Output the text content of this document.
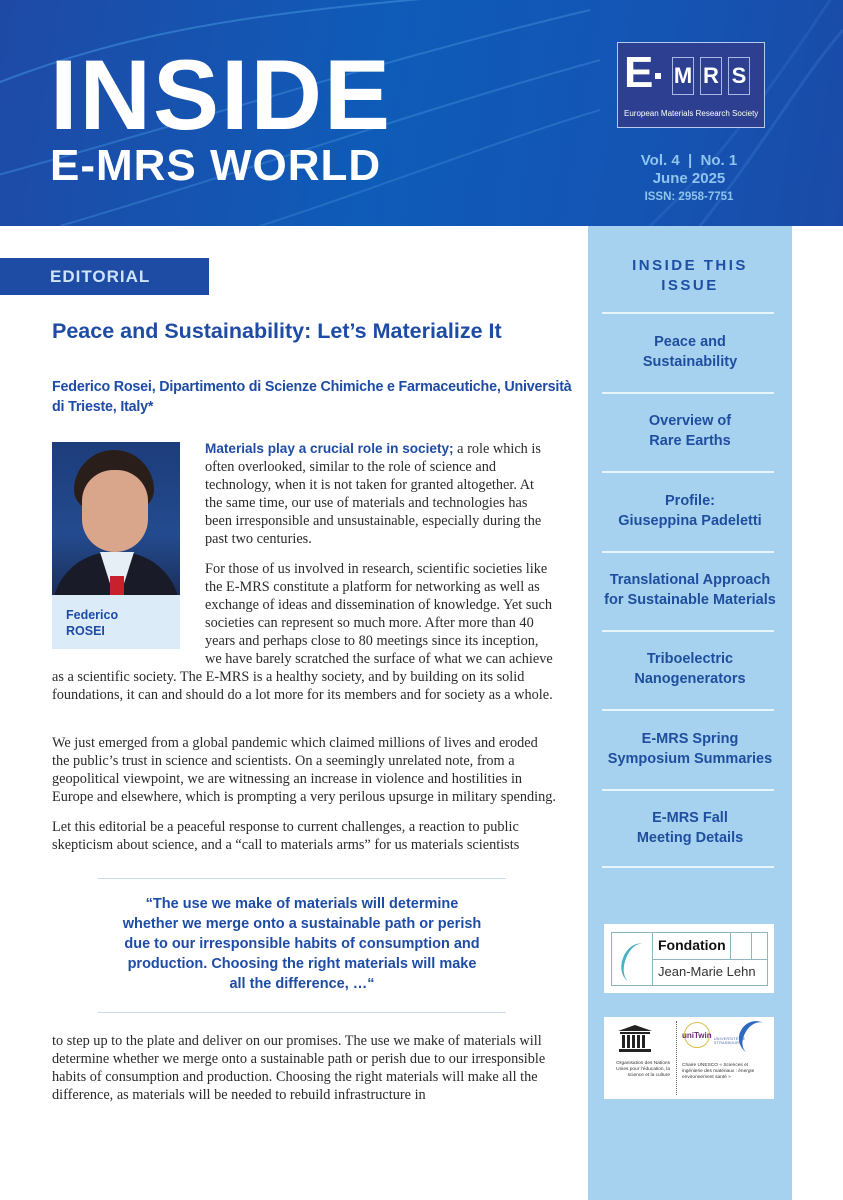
INSIDE
E-MRS WORLD
E M R S
European Materials Research Society
Vol. 4  |  No. 1
June 2025
ISSN: 2958-7751
INSIDE THIS
ISSUE
Peace and
Sustainability
Overview of
Rare Earths
Profile:
Giuseppina Padeletti
Translational Approach
for Sustainable Materials
Triboelectric
Nanogenerators
E-MRS Spring
Symposium Summaries
E-MRS Fall
Meeting Details
Fondation
Jean-Marie Lehn
Organisation des Nations Unies pour l’éducation, la science et la culture
uniTwin UNIVERSITÉ DE STRASBOURG
Chaire UNESCO « Sciences et ingénierie des matériaux : énergie environnement santé »
EDITORIAL
Peace and Sustainability: Let’s Materialize It
Federico Rosei, Dipartimento di Scienze Chimiche e Farmaceutiche, Università di Trieste, Italy*
Federico
ROSEI
Materials play a crucial role in society; a role which is often overlooked, similar to the role of science and technology, when it is not taken for granted altogether. At the same time, our use of materials and technologies has been irresponsible and unsustainable, especially during the past two centuries.
For those of us involved in research, scientific societies like the E-MRS constitute a platform for networking as well as exchange of ideas and dissemination of knowledge. Yet such societies can represent so much more. After more than 40 years and perhaps close to 80 meetings since its inception, we have barely scratched the surface of what we can achieve as a scientific society. The E-MRS is a healthy society, and by building on its solid foundations, it can and should do a lot more for its members and for society as a whole.
We just emerged from a global pandemic which claimed millions of lives and eroded the public’s trust in science and scientists. On a seemingly unrelated note, from a geopolitical viewpoint, we are witnessing an increase in violence and hostilities in Europe and elsewhere, which is prompting a very perilous upsurge in military spending.
Let this editorial be a peaceful response to current challenges, a reaction to public skepticism about science, and a “call to materials arms” for us materials scientists

“The use we make of materials will determine whether we merge onto a sustainable path or perish due to our irresponsible habits of consumption and production. Choosing the right materials will make all the difference, …“

to step up to the plate and deliver on our promises. The use we make of materials will determine whether we merge onto a sustainable path or perish due to our irresponsible habits of consumption and production. Choosing the right materials will make all the difference, as materials will be needed to rebuild infrastructure in
